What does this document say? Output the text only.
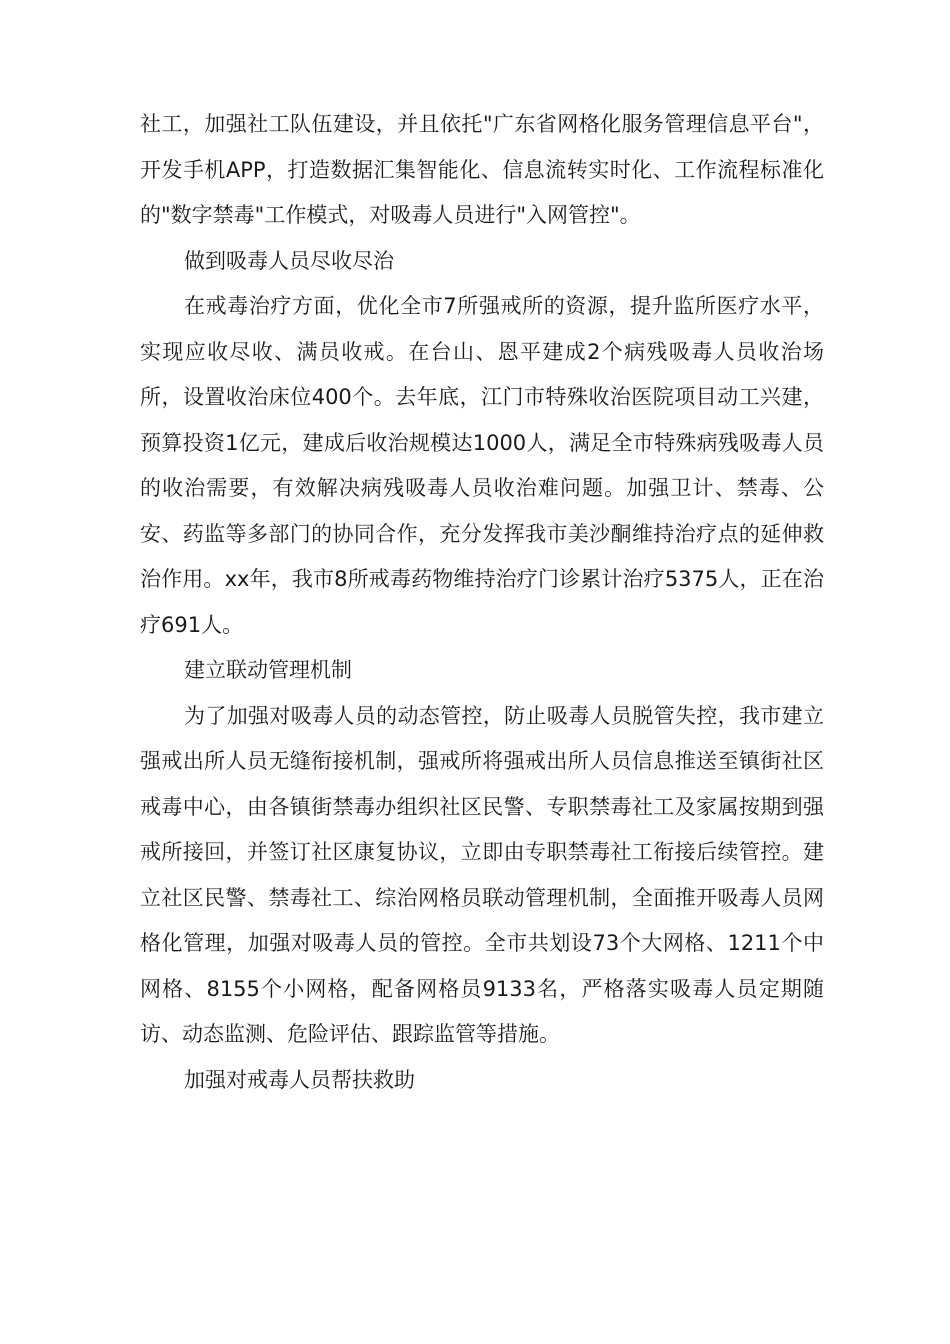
社工，加强社工队伍建设，并且依托"广东省网格化服务管理信息平台"，开发手机APP，打造数据汇集智能化、信息流转实时化、工作流程标准化的"数字禁毒"工作模式，对吸毒人员进行"入网管控"。

做到吸毒人员尽收尽治

在戒毒治疗方面，优化全市7所强戒所的资源，提升监所医疗水平，实现应收尽收、满员收戒。在台山、恩平建成2个病残吸毒人员收治场所，设置收治床位400个。去年底，江门市特殊收治医院项目动工兴建，预算投资1亿元，建成后收治规模达1000人，满足全市特殊病残吸毒人员的收治需要，有效解决病残吸毒人员收治难问题。加强卫计、禁毒、公安、药监等多部门的协同合作，充分发挥我市美沙酮维持治疗点的延伸救治作用。xx年，我市8所戒毒药物维持治疗门诊累计治疗5375人，正在治疗691人。

建立联动管理机制

为了加强对吸毒人员的动态管控，防止吸毒人员脱管失控，我市建立强戒出所人员无缝衔接机制，强戒所将强戒出所人员信息推送至镇街社区戒毒中心，由各镇街禁毒办组织社区民警、专职禁毒社工及家属按期到强戒所接回，并签订社区康复协议，立即由专职禁毒社工衔接后续管控。建立社区民警、禁毒社工、综治网格员联动管理机制，全面推开吸毒人员网格化管理，加强对吸毒人员的管控。全市共划设73个大网格、1211个中网格、8155个小网格，配备网格员9133名，严格落实吸毒人员定期随访、动态监测、危险评估、跟踪监管等措施。

加强对戒毒人员帮扶救助
